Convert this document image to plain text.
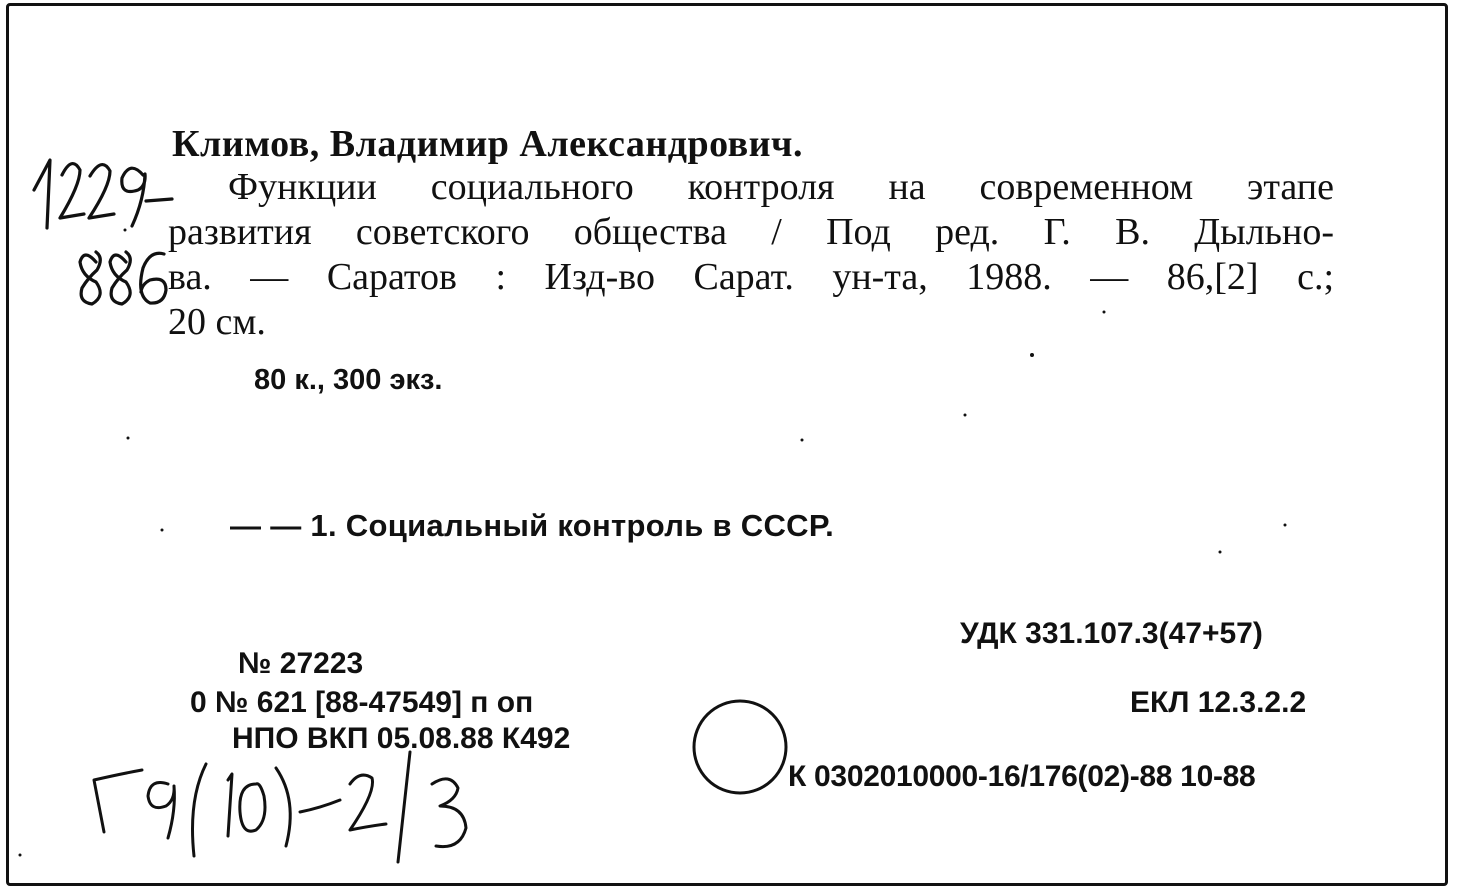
Климов, Владимир Александрович.
Функции социального контроля на современном этапе
развития советского общества / Под ред. Г. В. Дыльно-
ва. — Саратов : Изд-во Сарат. ун-та, 1988. — 86,[2] с.;
20 см.
80 к., 300 экз.
— — 1. Социальный контроль в СССР.
УДК 331.107.3(47+57)
ЕКЛ 12.3.2.2
К 0302010000-16/176(02)-88 10-88
№ 27223
0 № 621 [88-47549] п оп
НПО ВКП 05.08.88 К492
